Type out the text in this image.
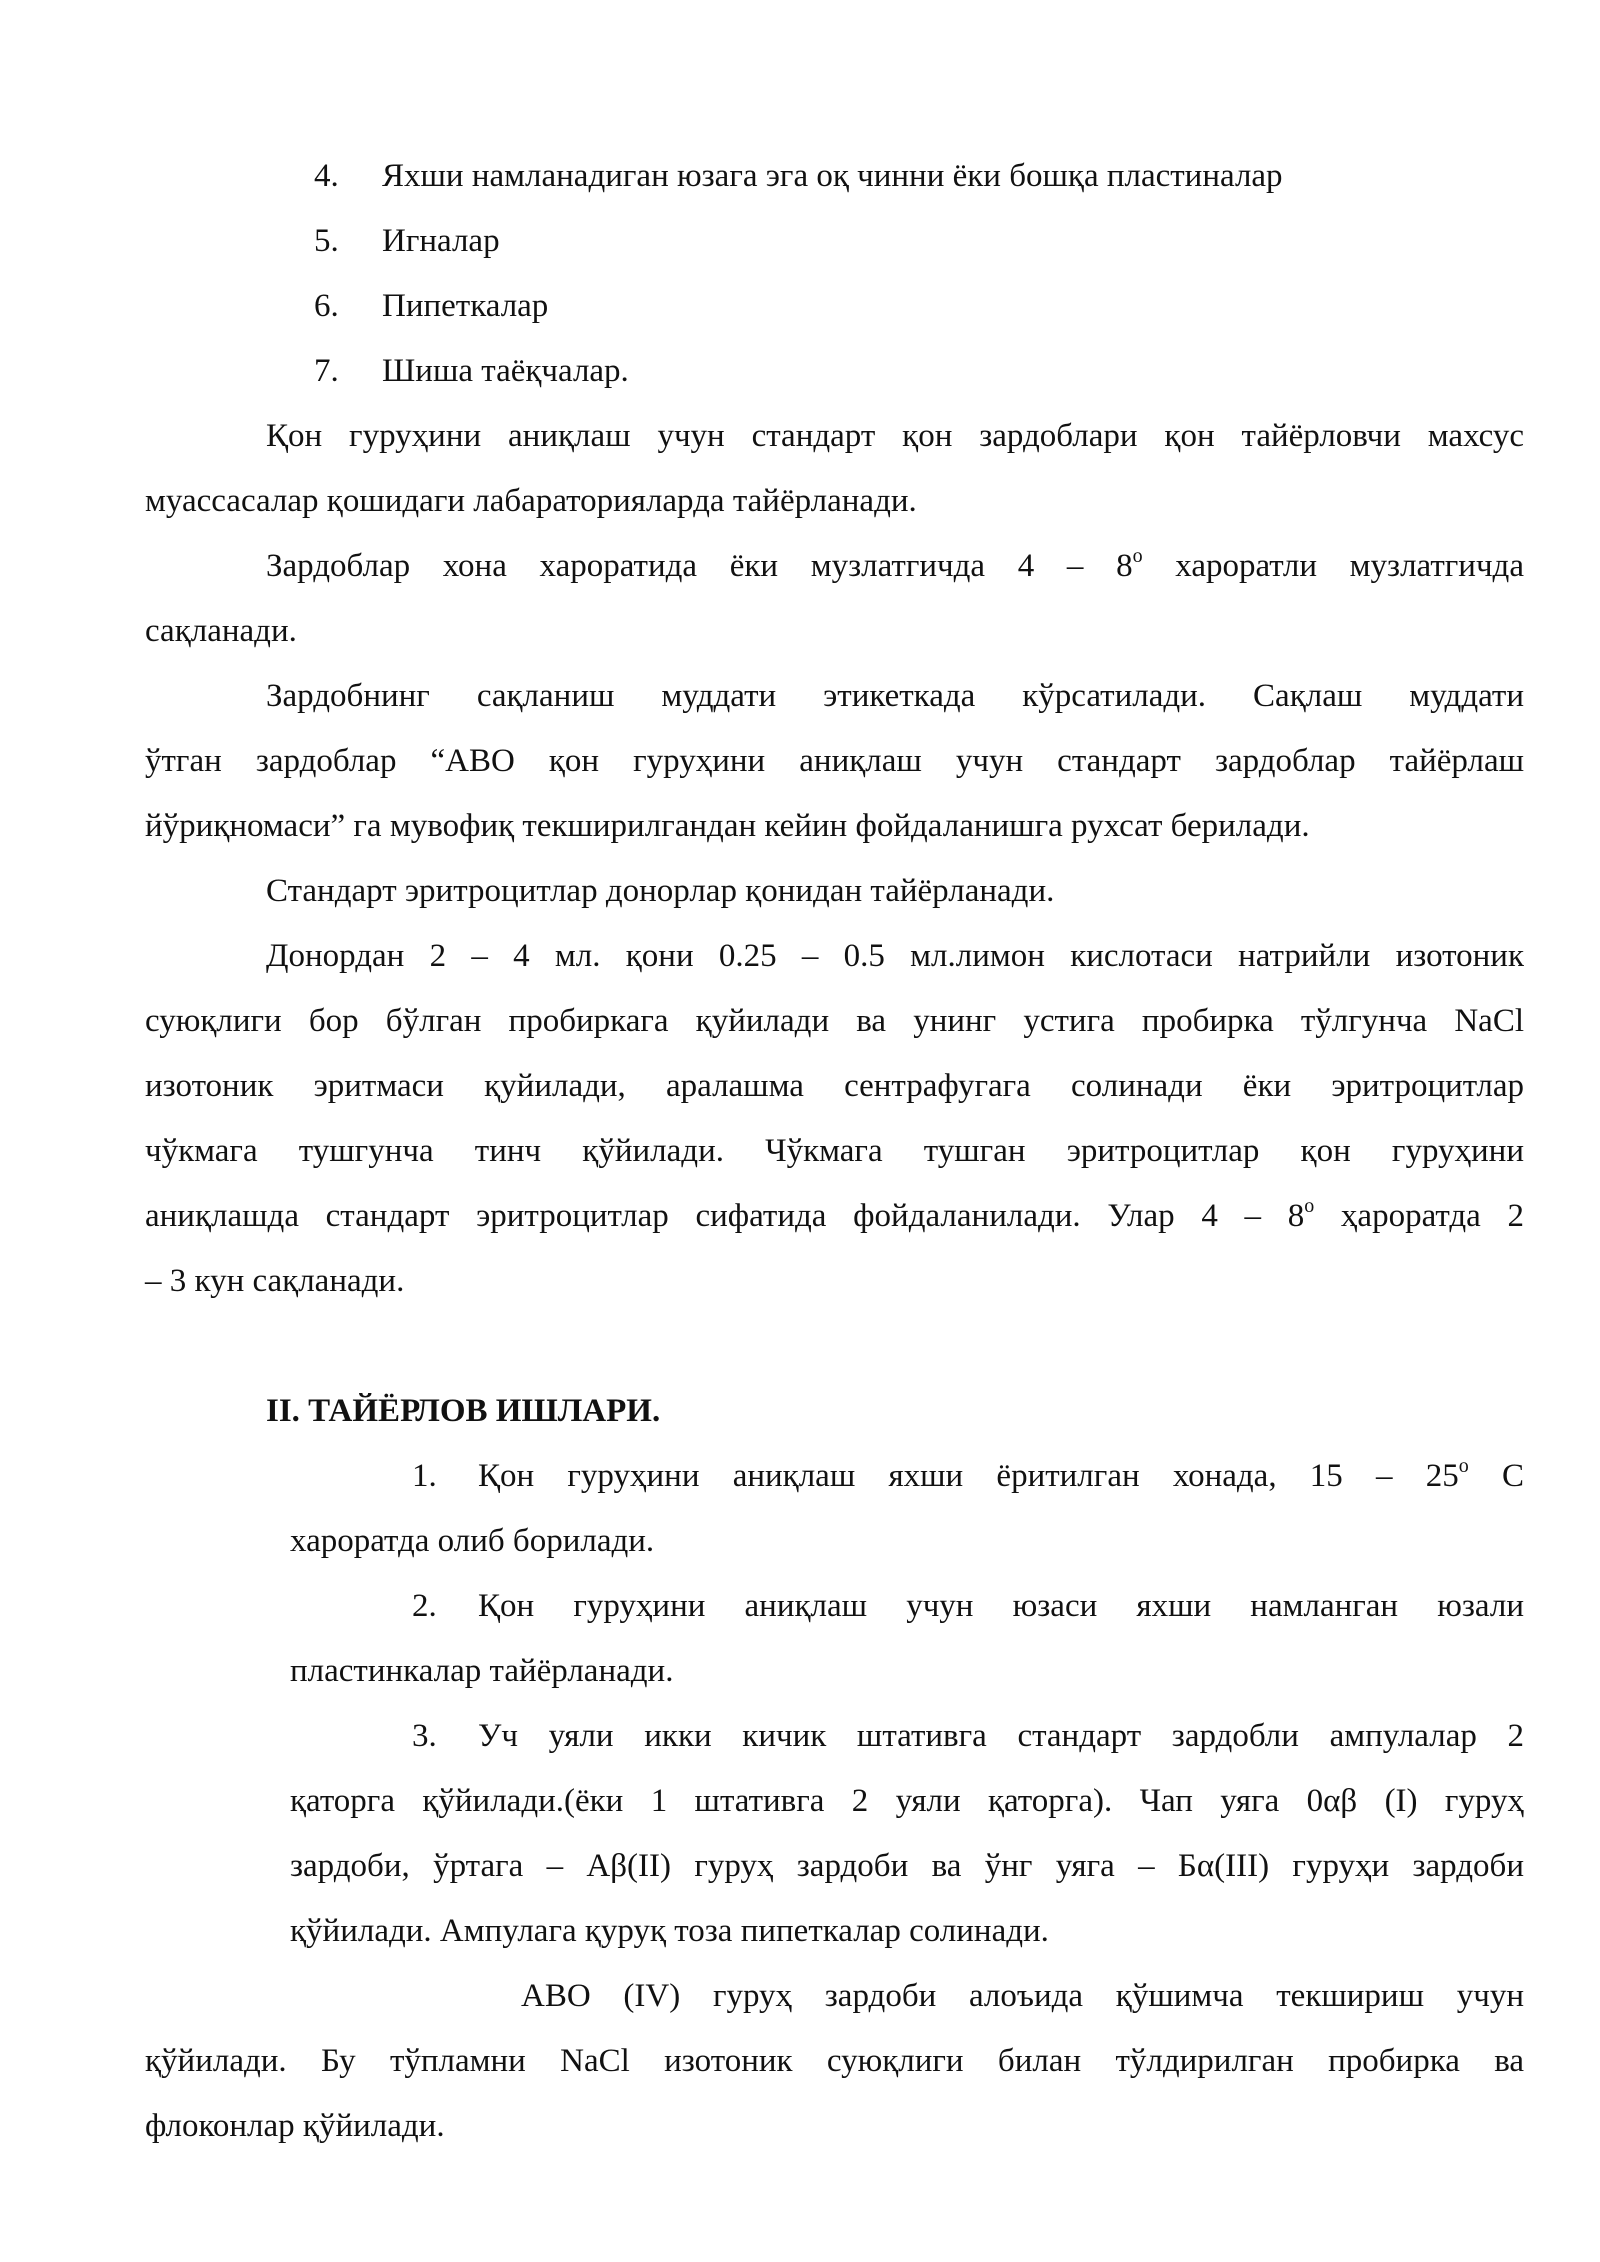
4. Яхши намланадиган юзага эга оқ чинни ёки бошқа пластиналар
5. Игналар
6. Пипеткалар
7. Шиша таёқчалар.
Қон гуруҳини аниқлаш учун стандарт қон зардоблари қон тайёрловчи махсус
муассасалар қошидаги лабараторияларда тайёрланади.
Зардоблар хона хароратида ёки музлатгичда $4 - 8^о$ хароратли музлатгичда
сақланади.
Зардобнинг сақланиш муддати этикеткада кўрсатилади. Сақлаш муддати
ўтган зардоблар “АВО қон гуруҳини аниқлаш учун стандарт зардоблар тайёрлаш
йўриқномаси” га мувофиқ текширилгандан кейин фойдаланишга рухсат берилади.
Стандарт эритроцитлар донорлар қонидан тайёрланади.
Донордан 2 – 4 мл. қони 0.25 – 0.5 мл.лимон кислотаси натрийли изотоник
суюқлиги бор бўлган пробиркага қуйилади ва унинг устига пробирка тўлгунча NaCl
изотоник эритмаси қуйилади, аралашма сентрафугага солинади ёки эритроцитлар
чўкмага тушгунча тинч қўйилади. Чўкмага тушган эритроцитлар қон гуруҳини
аниқлашда стандарт эритроцитлар сифатида фойдаланилади. Улар $4 - 8^о$ ҳароратда 2
– 3 кун сақланади.
II. ТАЙЁРЛОВ ИШЛАРИ.
1. Қон гуруҳини аниқлаш яхши ёритилган хонада, $15 - 25^о$ С
хароратда олиб борилади.
2. Қон гуруҳини аниқлаш учун юзаси яхши намланган юзали
пластинкалар тайёрланади.
3. Уч уяли икки кичик штативга стандарт зардобли ампулалар 2
қаторга қўйилади.(ёки 1 штативга 2 уяли қаторга). Чап уяга 0αβ (I) гуруҳ
зардоби, ўртага – Аβ(II) гуруҳ зардоби ва ўнг уяга – Бα(III) гуруҳи зардоби
қўйилади. Ампулага қуруқ тоза пипеткалар солинади.
АВО (IV) гуруҳ зардоби алоъида қўшимча текшириш учун
қўйилади. Бу тўпламни NaCl изотоник суюқлиги билан тўлдирилган пробирка ва
флоконлар қўйилади.
